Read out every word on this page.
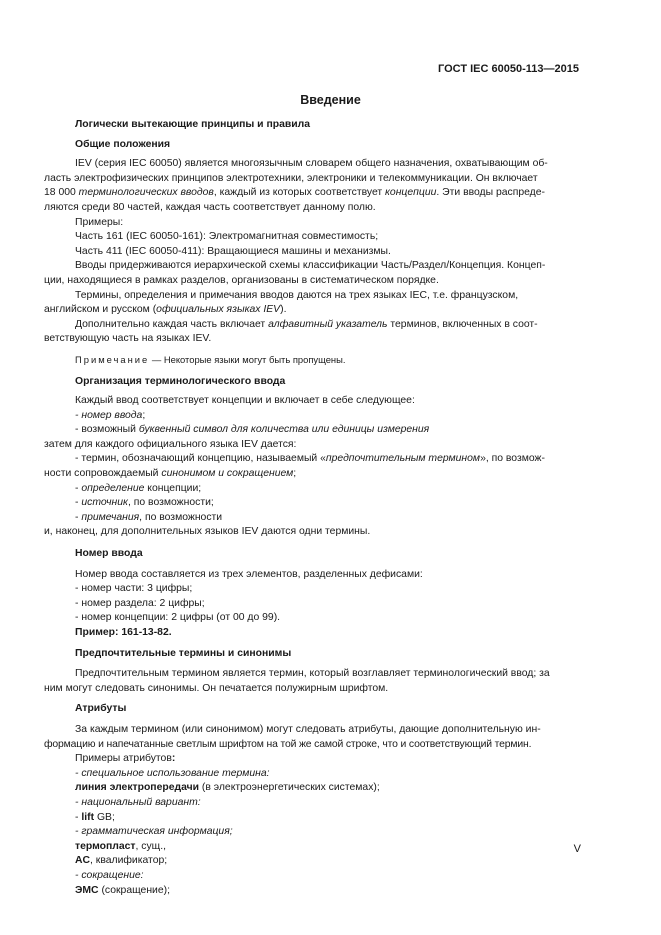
ГОСТ IEC 60050-113—2015
Введение
Логически вытекающие принципы и правила
Общие положения
IEV (серия IEC 60050) является многоязычным словарем общего назначения, охватывающим об-
ласть электрофизических принципов электротехники, электроники и телекоммуникации. Он включает
18 000 терминологических вводов, каждый из которых соответствует концепции. Эти вводы распреде-
ляются среди 80 частей, каждая часть соответствует данному полю.
Примеры:
Часть 161 (IEC 60050-161): Электромагнитная совместимость;
Часть 411 (IEC 60050-411): Вращающиеся машины и механизмы.
Вводы придерживаются иерархической схемы классификации Часть/Раздел/Концепция. Концеп-
ции, находящиеся в рамках разделов, организованы в систематическом порядке.
Термины, определения и примечания вводов даются на трех языках IEC, т.е. французском,
английском и русском (официальных языках IEV).
Дополнительно каждая часть включает алфавитный указатель терминов, включенных в соот-
ветствующую часть на языках IEV.
Примечание — Некоторые языки могут быть пропущены.
Организация терминологического ввода
Каждый ввод соответствует концепции и включает в себе следующее:
- номер ввода;
- возможный буквенный символ для количества или единицы измерения
затем для каждого официального языка IEV дается:
- термин, обозначающий концепцию, называемый «предпочтительным термином», по возмож-
ности сопровождаемый синонимом и сокращением;
- определение концепции;
- источник, по возможности;
- примечания, по возможности
и, наконец, для дополнительных языков IEV даются одни термины.
Номер ввода
Номер ввода составляется из трех элементов, разделенных дефисами:
- номер части: 3 цифры;
- номер раздела: 2 цифры;
- номер концепции: 2 цифры (от 00 до 99).
Пример: 161-13-82.
Предпочтительные термины и синонимы
Предпочтительным термином является термин, который возглавляет терминологический ввод; за
ним могут следовать синонимы. Он печатается полужирным шрифтом.
Атрибуты
За каждым термином (или синонимом) могут следовать атрибуты, дающие дополнительную ин-
формацию и напечатанные светлым шрифтом на той же самой строке, что и соответствующий термин.
Примеры атрибутов:
- специальное использование термина:
линия электропередачи (в электроэнергетических системах);
- национальный вариант:
- lift GB;
- грамматическая информация;
термопласт, сущ.,
AC, квалификатор;
- сокращение:
ЭМС (сокращение);
V
